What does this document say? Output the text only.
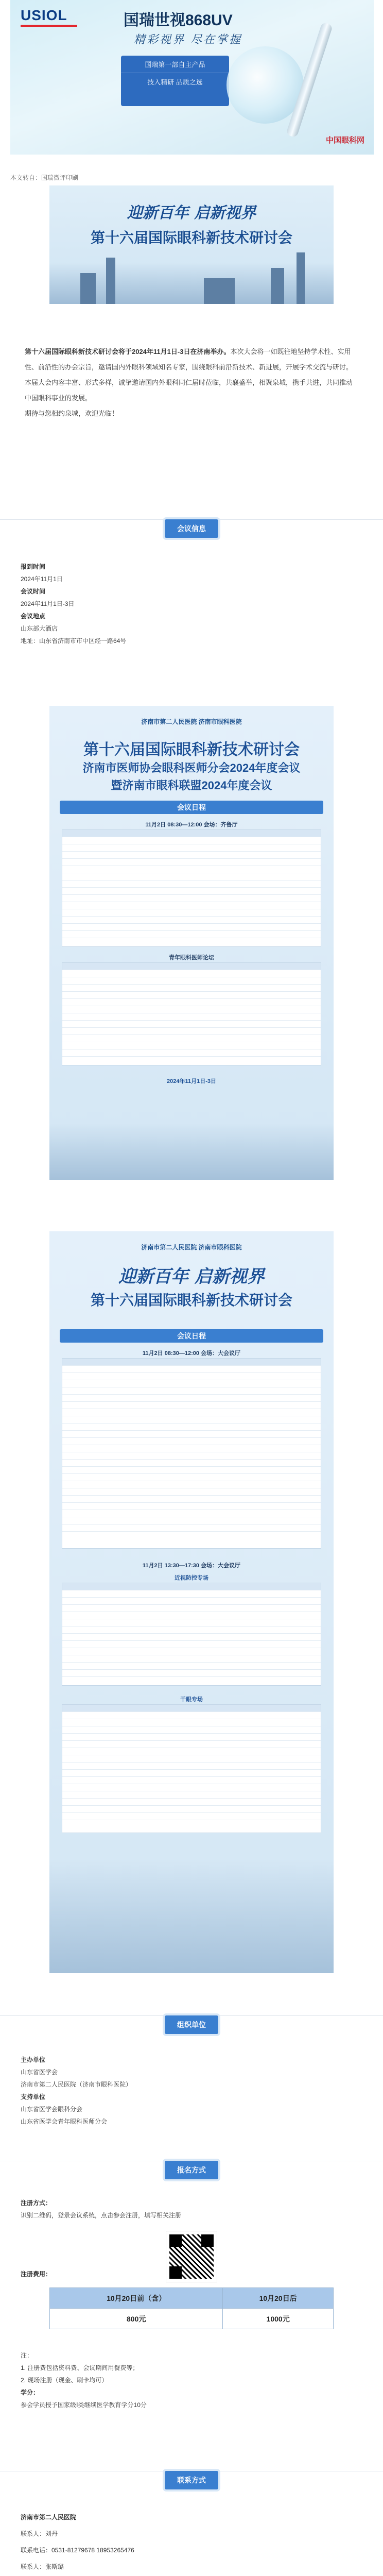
USIOL	国瑞世视868UV
精彩视界 尽在掌握
国瑞第一部自主产品
技入精研 品质之选
中国眼科网
本文转自：国瑞微评印刷
迎新百年 启新视界
第十六届国际眼科新技术研讨会
第十六届国际眼科新技术研讨会将于2024年11月1日-3日在济南举办。本次大会将一如既往地坚持学术性、实用性、前沿性的办会宗旨，邀请国内外眼科领域知名专家，围绕眼科前沿新技术、新进展，开展学术交流与研讨。本届大会内容丰富、形式多样，诚挚邀请国内外眼科同仁届时莅临，共襄盛举，相聚泉城，携手共进，共同推动中国眼科事业的发展。
期待与您相约泉城，欢迎光临！
会议信息
报到时间
2024年11月1日
会议时间
2024年11月1日-3日
会议地点
山东部大酒店
地址：山东省济南市市中区经一路64号
济南市第二人民医院 济南市眼科医院
第十六届国际眼科新技术研讨会
济南市医师协会眼科医师分会2024年度会议
暨济南市眼科联盟2024年度会议
会议日程
11月2日 08:30—12:00 会场：齐鲁厅
青年眼科医师论坛
2024年11月1日-3日
济南市第二人民医院 济南市眼科医院
迎新百年 启新视界
第十六届国际眼科新技术研讨会
会议日程
11月2日 08:30—12:00 会场：大会议厅
11月2日 13:30—17:30 会场：大会议厅
近视防控专场
干眼专场
组织单位
主办单位
山东省医学会
济南市第二人民医院（济南市眼科医院）
支持单位
山东省医学会眼科分会
山东省医学会青年眼科医师分会
报名方式
注册方式：
识别二维码，登录会议系统，点击参会注册，填写相关注册
注册费用：
10月20日前（含）	10月20日后
800元	1000元
注：
1. 注册费包括资料费、会议期间用餐费等；
2. 现场注册（现金、刷卡均可）
学分：
参会学员授予国家级Ⅰ类继续医学教育学分10分
联系方式
济南市第二人民医院
联系人：刘丹
联系电话：0531-81279678 18953265476
联系人：张斯璐
